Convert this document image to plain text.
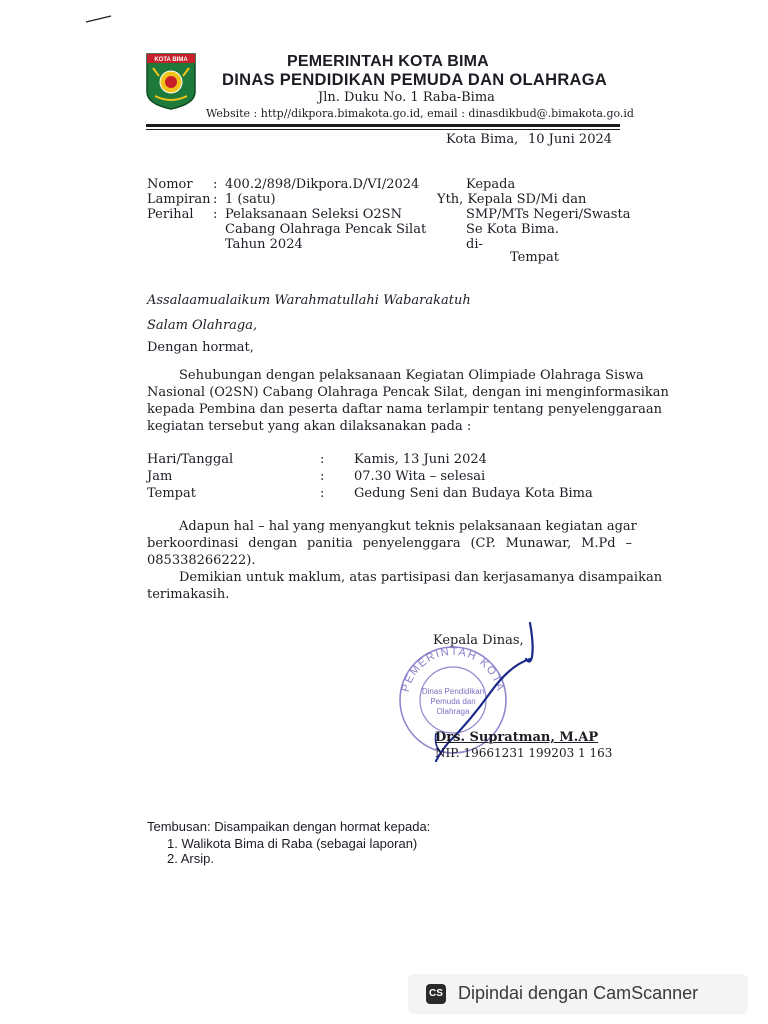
KOTA BIMA	PEMERINTAH KOTA BIMA
DINAS PENDIDIKAN PEMUDA DAN OLAHRAGA
Jln. Duku No. 1 Raba-Bima
Website : http//dikpora.bimakota.go.id, email : dinasdikbud@.bimakota.go.id
Kota Bima, 10 Juni 2024
Nomor : 400.2/898/Dikpora.D/VI/2024
Lampiran : 1 (satu)
Perihal : Pelaksanaan Seleksi O2SN
Cabang Olahraga Pencak Silat
Tahun 2024
Kepada
Yth, Kepala SD/Mi dan
SMP/MTs Negeri/Swasta
Se Kota Bima.
di-
Tempat
Assalaamualaikum Warahmatullahi Wabarakatuh
Salam Olahraga,
Dengan hormat,
Sehubungan dengan pelaksanaan Kegiatan Olimpiade Olahraga Siswa
Nasional (O2SN) Cabang Olahraga Pencak Silat, dengan ini menginformasikan
kepada Pembina dan peserta daftar nama terlampir tentang penyelenggaraan
kegiatan tersebut yang akan dilaksanakan pada :
Hari/Tanggal	: Kamis, 13 Juni 2024
Jam	: 07.30 Wita – selesai
Tempat	: Gedung Seni dan Budaya Kota Bima
Adapun hal – hal yang menyangkut teknis pelaksanaan kegiatan agar
berkoordinasi dengan panitia penyelenggara (CP. Munawar, M.Pd –
085338266222).
Demikian untuk maklum, atas partisipasi dan kerjasamanya disampaikan
terimakasih.
Kepala Dinas,
PEMERINTAH KOTA
Dinas Pendidikan
Pemuda dan
Olahraga
Drs. Supratman, M.AP
NIP. 19661231 199203 1 163
Tembusan: Disampaikan dengan hormat kepada:
1. Walikota Bima di Raba (sebagai laporan)
2. Arsip.
CS Dipindai dengan CamScanner
